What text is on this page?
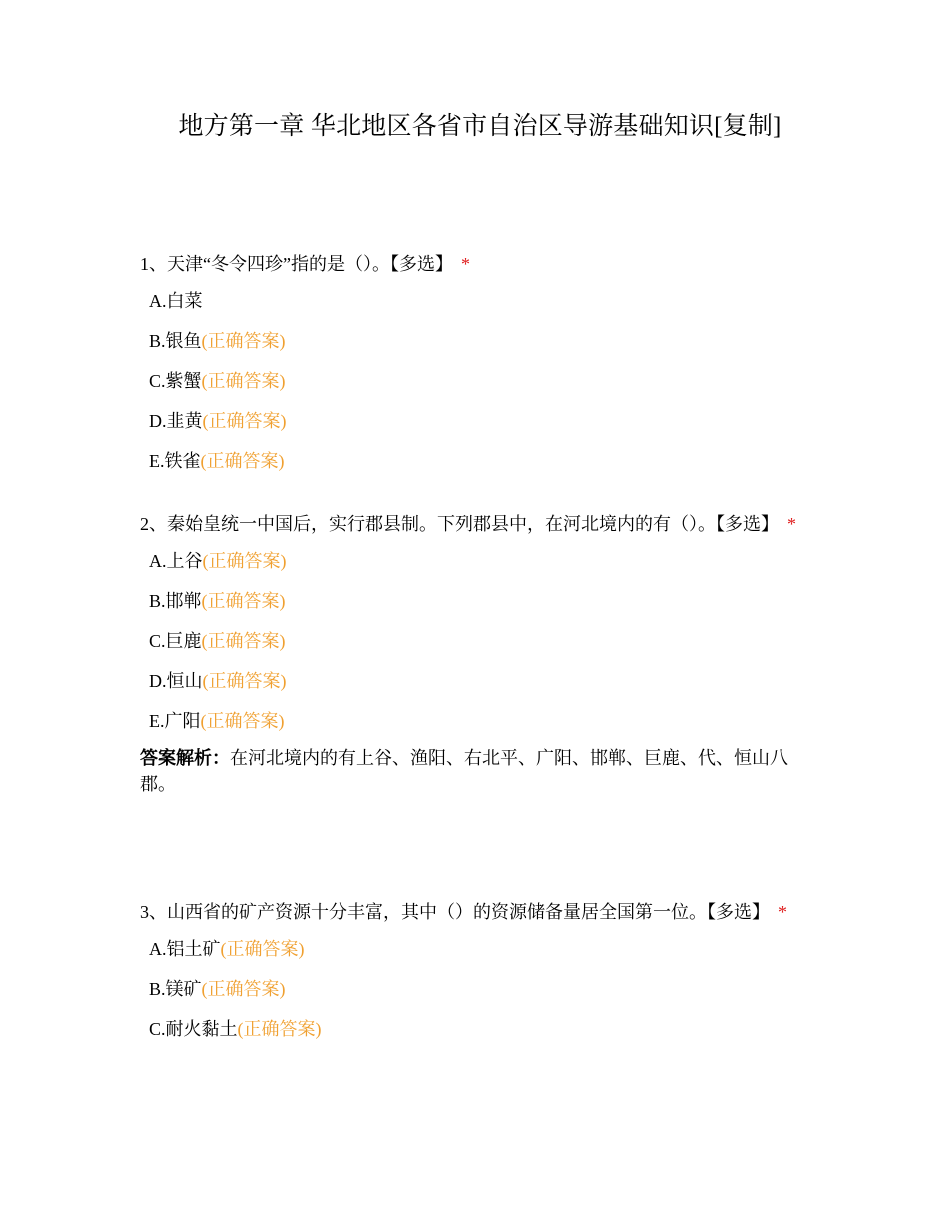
地方第一章 华北地区各省市自治区导游基础知识[复制]
1、天津“冬令四珍”指的是（）。【多选】 *
A.白菜
B.银鱼(正确答案)
C.紫蟹(正确答案)
D.韭黄(正确答案)
E.铁雀(正确答案)
2、秦始皇统一中国后，实行郡县制。下列郡县中，在河北境内的有（）。【多选】 *
A.上谷(正确答案)
B.邯郸(正确答案)
C.巨鹿(正确答案)
D.恒山(正确答案)
E.广阳(正确答案)
答案解析：在河北境内的有上谷、渔阳、右北平、广阳、邯郸、巨鹿、代、恒山八郡。
3、山西省的矿产资源十分丰富，其中（）的资源储备量居全国第一位。【多选】 *
A.铝土矿(正确答案)
B.镁矿(正确答案)
C.耐火黏土(正确答案)
